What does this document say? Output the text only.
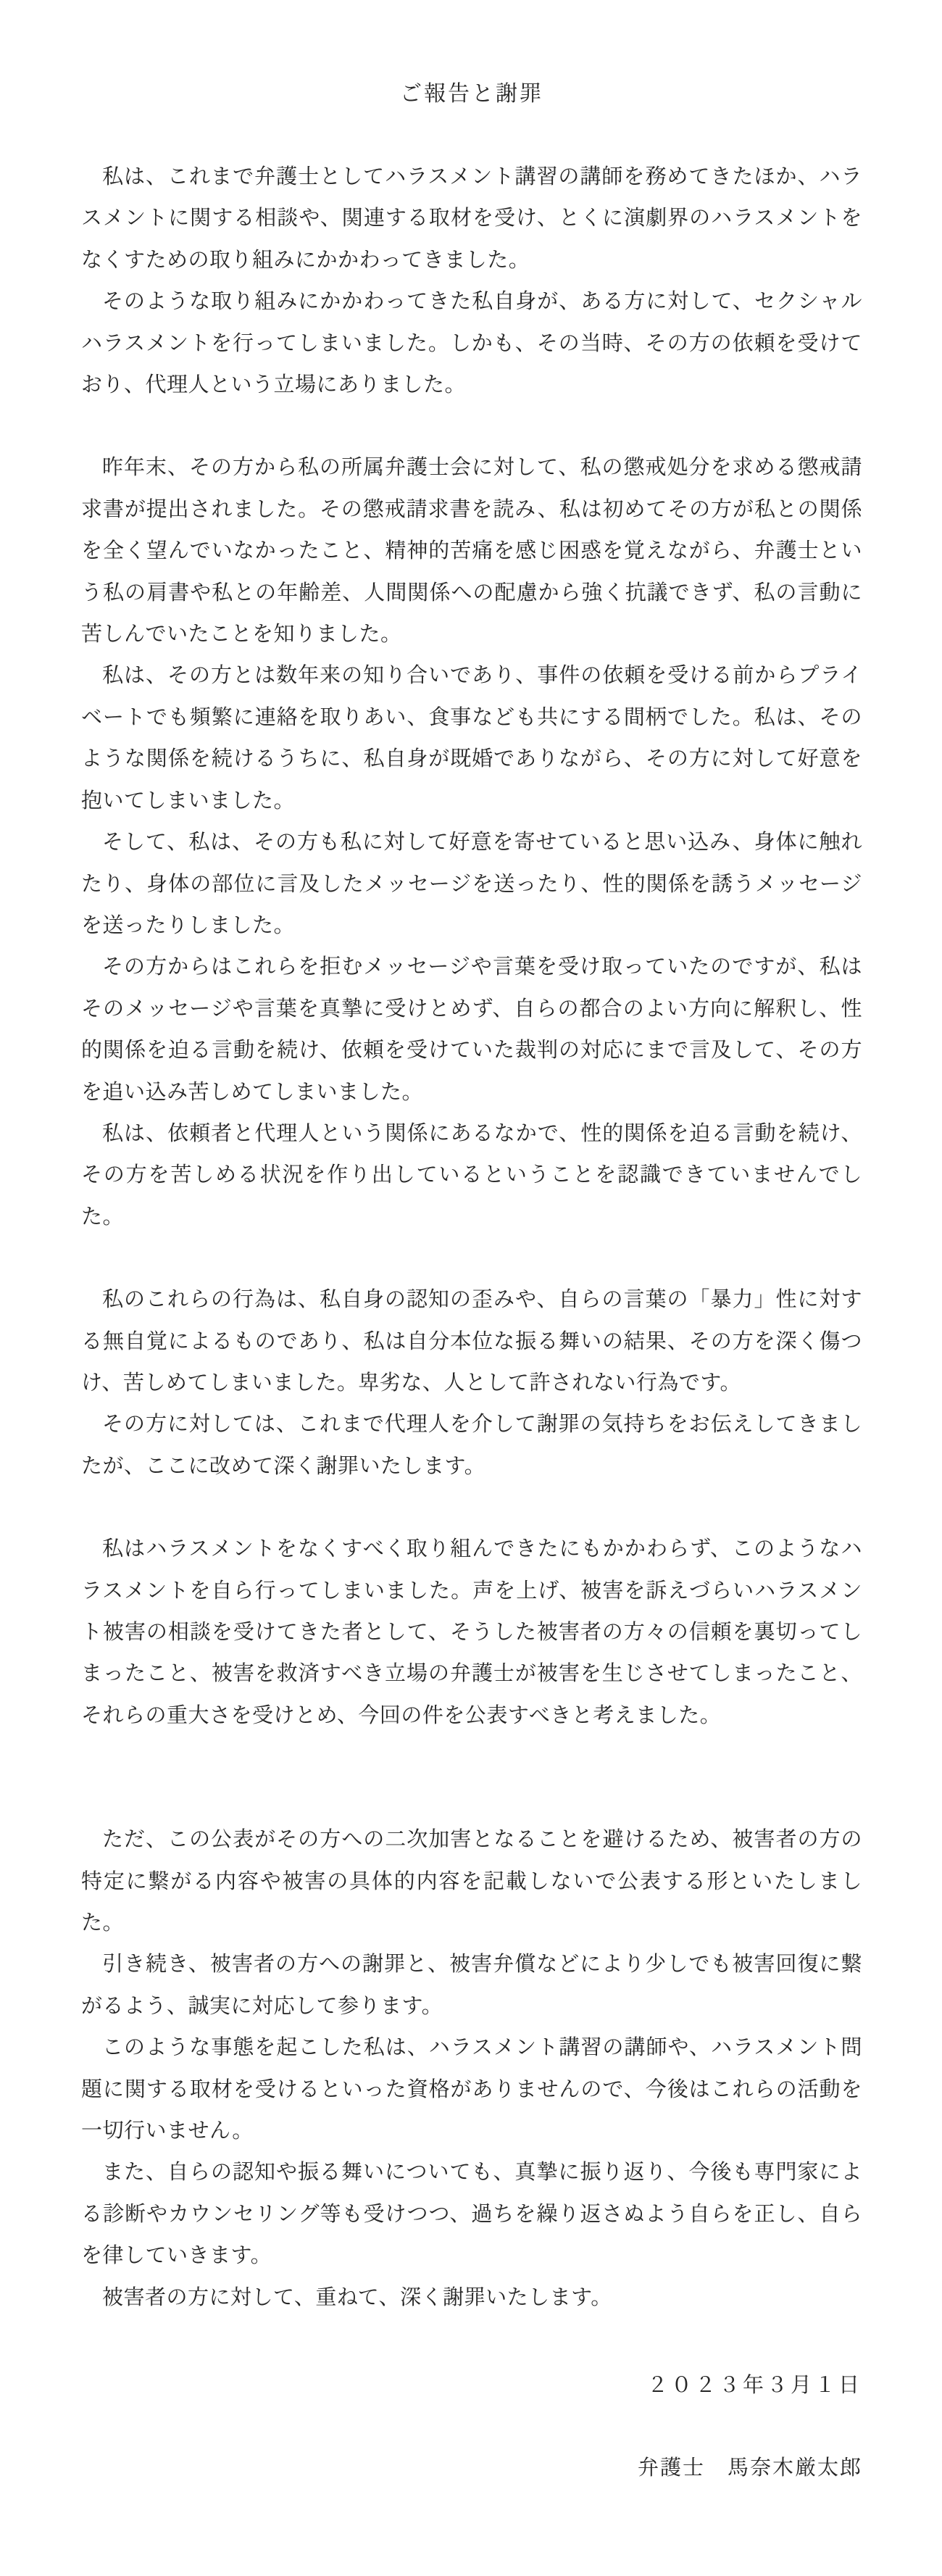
ご報告と謝罪

私は、これまで弁護士としてハラスメント講習の講師を務めてきたほか、ハラスメントに関する相談や、関連する取材を受け、とくに演劇界のハラスメントをなくすための取り組みにかかわってきました。

そのような取り組みにかかわってきた私自身が、ある方に対して、セクシャルハラスメントを行ってしまいました。しかも、その当時、その方の依頼を受けており、代理人という立場にありました。

昨年末、その方から私の所属弁護士会に対して、私の懲戒処分を求める懲戒請求書が提出されました。その懲戒請求書を読み、私は初めてその方が私との関係を全く望んでいなかったこと、精神的苦痛を感じ困惑を覚えながら、弁護士という私の肩書や私との年齢差、人間関係への配慮から強く抗議できず、私の言動に苦しんでいたことを知りました。

私は、その方とは数年来の知り合いであり、事件の依頼を受ける前からプライベートでも頻繁に連絡を取りあい、食事なども共にする間柄でした。私は、そのような関係を続けるうちに、私自身が既婚でありながら、その方に対して好意を抱いてしまいました。

そして、私は、その方も私に対して好意を寄せていると思い込み、身体に触れたり、身体の部位に言及したメッセージを送ったり、性的関係を誘うメッセージを送ったりしました。

その方からはこれらを拒むメッセージや言葉を受け取っていたのですが、私はそのメッセージや言葉を真摯に受けとめず、自らの都合のよい方向に解釈し、性的関係を迫る言動を続け、依頼を受けていた裁判の対応にまで言及して、その方を追い込み苦しめてしまいました。

私は、依頼者と代理人という関係にあるなかで、性的関係を迫る言動を続け、その方を苦しめる状況を作り出しているということを認識できていませんでした。

私のこれらの行為は、私自身の認知の歪みや、自らの言葉の「暴力」性に対する無自覚によるものであり、私は自分本位な振る舞いの結果、その方を深く傷つけ、苦しめてしまいました。卑劣な、人として許されない行為です。

その方に対しては、これまで代理人を介して謝罪の気持ちをお伝えしてきましたが、ここに改めて深く謝罪いたします。

私はハラスメントをなくすべく取り組んできたにもかかわらず、このようなハラスメントを自ら行ってしまいました。声を上げ、被害を訴えづらいハラスメント被害の相談を受けてきた者として、そうした被害者の方々の信頼を裏切ってしまったこと、被害を救済すべき立場の弁護士が被害を生じさせてしまったこと、それらの重大さを受けとめ、今回の件を公表すべきと考えました。

ただ、この公表がその方への二次加害となることを避けるため、被害者の方の特定に繋がる内容や被害の具体的内容を記載しないで公表する形といたしました。

引き続き、被害者の方への謝罪と、被害弁償などにより少しでも被害回復に繋がるよう、誠実に対応して参ります。

このような事態を起こした私は、ハラスメント講習の講師や、ハラスメント問題に関する取材を受けるといった資格がありませんので、今後はこれらの活動を一切行いません。

また、自らの認知や振る舞いについても、真摯に振り返り、今後も専門家による診断やカウンセリング等も受けつつ、過ちを繰り返さぬよう自らを正し、自らを律していきます。

被害者の方に対して、重ねて、深く謝罪いたします。

２０２３年３月１日
弁護士　馬奈木厳太郎
